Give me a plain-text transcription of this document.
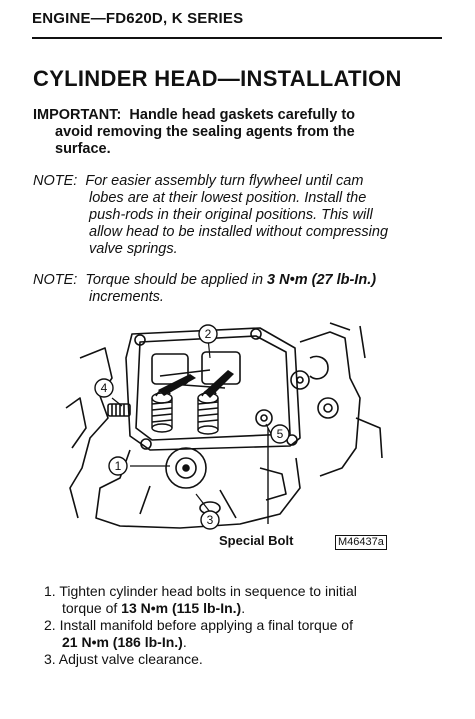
ENGINE—FD620D, K SERIES
CYLINDER HEAD—INSTALLATION
IMPORTANT: Handle head gaskets carefully to
avoid removing the sealing agents from the
surface.
NOTE: For easier assembly turn flywheel until cam
lobes are at their lowest position. Install the
push-rods in their original positions. This will
allow head to be installed without compressing
valve springs.
NOTE: Torque should be applied in 3 N•m (27 lb-In.)
increments.
2
4
1
5
3
Special Bolt	M46437a
1. Tighten cylinder head bolts in sequence to initial
torque of 13 N•m (115 lb-In.).
2. Install manifold before applying a final torque of
21 N•m (186 lb-In.).
3. Adjust valve clearance.
